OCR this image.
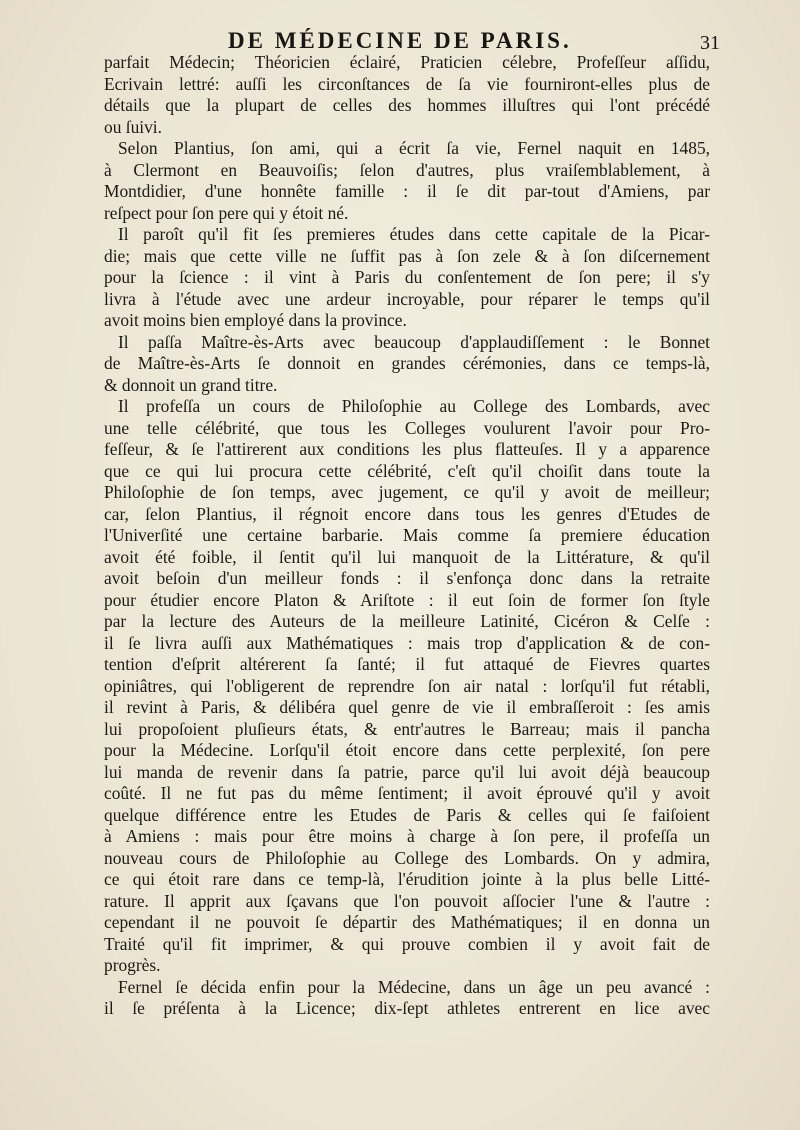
DE MÉDECINE DE PARIS.	31
parfait Médecin; Théoricien éclairé, Praticien célebre, Profeſſeur aſſidu,
Ecrivain lettré: auſſi les circonſtances de ſa vie fourniront-elles plus de
détails que la plupart de celles des hommes illuſtres qui l'ont précédé
ou ſuivi.
Selon Plantius, ſon ami, qui a écrit ſa vie, Fernel naquit en 1485,
à Clermont en Beauvoiſis; ſelon d'autres, plus vraiſemblablement, à
Montdidier, d'une honnête famille : il ſe dit par-tout d'Amiens, par
reſpect pour ſon pere qui y étoit né.
Il paroît qu'il fit ſes premieres études dans cette capitale de la Picar-
die; mais que cette ville ne ſuffit pas à ſon zele & à ſon diſcernement
pour la ſcience : il vint à Paris du conſentement de ſon pere; il s'y
livra à l'étude avec une ardeur incroyable, pour réparer le temps qu'il
avoit moins bien employé dans la province.
Il paſſa Maître-ès-Arts avec beaucoup d'applaudiſſement : le Bonnet
de Maître-ès-Arts ſe donnoit en grandes cérémonies, dans ce temps-là,
& donnoit un grand titre.
Il profeſſa un cours de Philoſophie au College des Lombards, avec
une telle célébrité, que tous les Colleges voulurent l'avoir pour Pro-
feſſeur, & ſe l'attirerent aux conditions les plus flatteuſes. Il y a apparence
que ce qui lui procura cette célébrité, c'eſt qu'il choiſit dans toute la
Philoſophie de ſon temps, avec jugement, ce qu'il y avoit de meilleur;
car, ſelon Plantius, il régnoit encore dans tous les genres d'Etudes de
l'Univerſité une certaine barbarie. Mais comme ſa premiere éducation
avoit été foible, il ſentit qu'il lui manquoit de la Littérature, & qu'il
avoit beſoin d'un meilleur fonds : il s'enfonça donc dans la retraite
pour étudier encore Platon & Ariſtote : il eut ſoin de former ſon ſtyle
par la lecture des Auteurs de la meilleure Latinité, Cicéron & Celſe :
il ſe livra auſſi aux Mathématiques : mais trop d'application & de con-
tention d'eſprit altérerent ſa ſanté; il fut attaqué de Fievres quartes
opiniâtres, qui l'obligerent de reprendre ſon air natal : lorſqu'il fut rétabli,
il revint à Paris, & délibéra quel genre de vie il embraſſeroit : ſes amis
lui propoſoient pluſieurs états, & entr'autres le Barreau; mais il pancha
pour la Médecine. Lorſqu'il étoit encore dans cette perplexité, ſon pere
lui manda de revenir dans ſa patrie, parce qu'il lui avoit déjà beaucoup
coûté. Il ne fut pas du même ſentiment; il avoit éprouvé qu'il y avoit
quelque différence entre les Etudes de Paris & celles qui ſe faiſoient
à Amiens : mais pour être moins à charge à ſon pere, il profeſſa un
nouveau cours de Philoſophie au College des Lombards. On y admira,
ce qui étoit rare dans ce temp-là, l'érudition jointe à la plus belle Litté-
rature. Il apprit aux ſçavans que l'on pouvoit aſſocier l'une & l'autre :
cependant il ne pouvoit ſe départir des Mathématiques; il en donna un
Traité qu'il fit imprimer, & qui prouve combien il y avoit fait de
progrès.
Fernel ſe décida enfin pour la Médecine, dans un âge un peu avancé :
il ſe préſenta à la Licence; dix-ſept athletes entrerent en lice avec
